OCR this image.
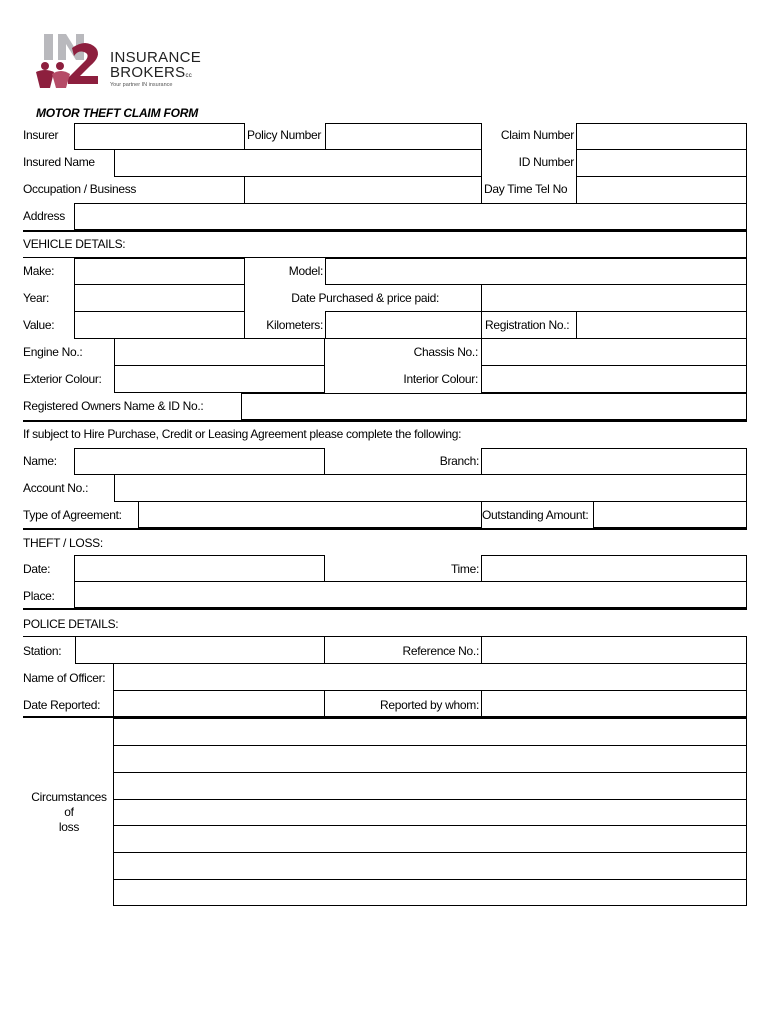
INSURANCE
BROKERScc
Your partner IN insurance
MOTOR THEFT CLAIM FORM
Insurer	Policy Number	Claim Number
Insured Name	ID Number
Occupation / Business	Day Time Tel No
Address
VEHICLE DETAILS:
Make:	Model:
Year:	Date Purchased & price paid:
Value:	Kilometers:	Registration No.:
Engine No.:	Chassis No.:
Exterior Colour:	Interior Colour:
Registered Owners Name & ID No.:
If subject to Hire Purchase, Credit or Leasing Agreement please complete the following:
Name:	Branch:
Account No.:
Type of Agreement:	Outstanding Amount:
THEFT / LOSS:
Date:	Time:
Place:
POLICE DETAILS:
Station:	Reference No.:
Name of Officer:
Date Reported:	Reported by whom:
Circumstances
of
loss
